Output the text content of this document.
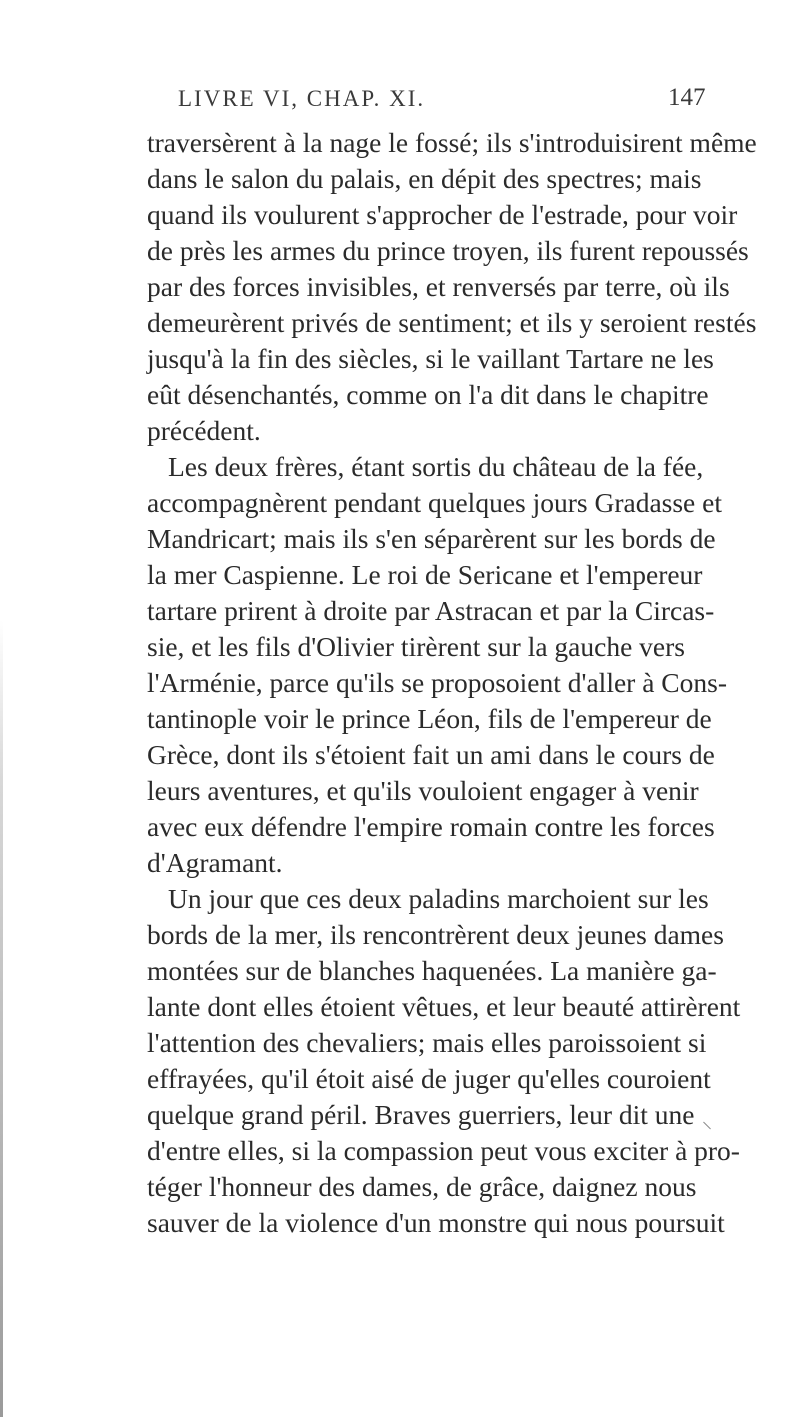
LIVRE VI, CHAP. XI.	147
traversèrent à la nage le fossé; ils s'introduisirent même
dans le salon du palais, en dépit des spectres; mais
quand ils voulurent s'approcher de l'estrade, pour voir
de près les armes du prince troyen, ils furent repoussés
par des forces invisibles, et renversés par terre, où ils
demeurèrent privés de sentiment; et ils y seroient restés
jusqu'à la fin des siècles, si le vaillant Tartare ne les
eût désenchantés, comme on l'a dit dans le chapitre
précédent.
Les deux frères, étant sortis du château de la fée,
accompagnèrent pendant quelques jours Gradasse et
Mandricart; mais ils s'en séparèrent sur les bords de
la mer Caspienne. Le roi de Sericane et l'empereur
tartare prirent à droite par Astracan et par la Circas-
sie, et les fils d'Olivier tirèrent sur la gauche vers
l'Arménie, parce qu'ils se proposoient d'aller à Cons-
tantinople voir le prince Léon, fils de l'empereur de
Grèce, dont ils s'étoient fait un ami dans le cours de
leurs aventures, et qu'ils vouloient engager à venir
avec eux défendre l'empire romain contre les forces
d'Agramant.
Un jour que ces deux paladins marchoient sur les
bords de la mer, ils rencontrèrent deux jeunes dames
montées sur de blanches haquenées. La manière ga-
lante dont elles étoient vêtues, et leur beauté attirèrent
l'attention des chevaliers; mais elles paroissoient si
effrayées, qu'il étoit aisé de juger qu'elles couroient
quelque grand péril. Braves guerriers, leur dit une
d'entre elles, si la compassion peut vous exciter à pro-
téger l'honneur des dames, de grâce, daignez nous
sauver de la violence d'un monstre qui nous poursuit
